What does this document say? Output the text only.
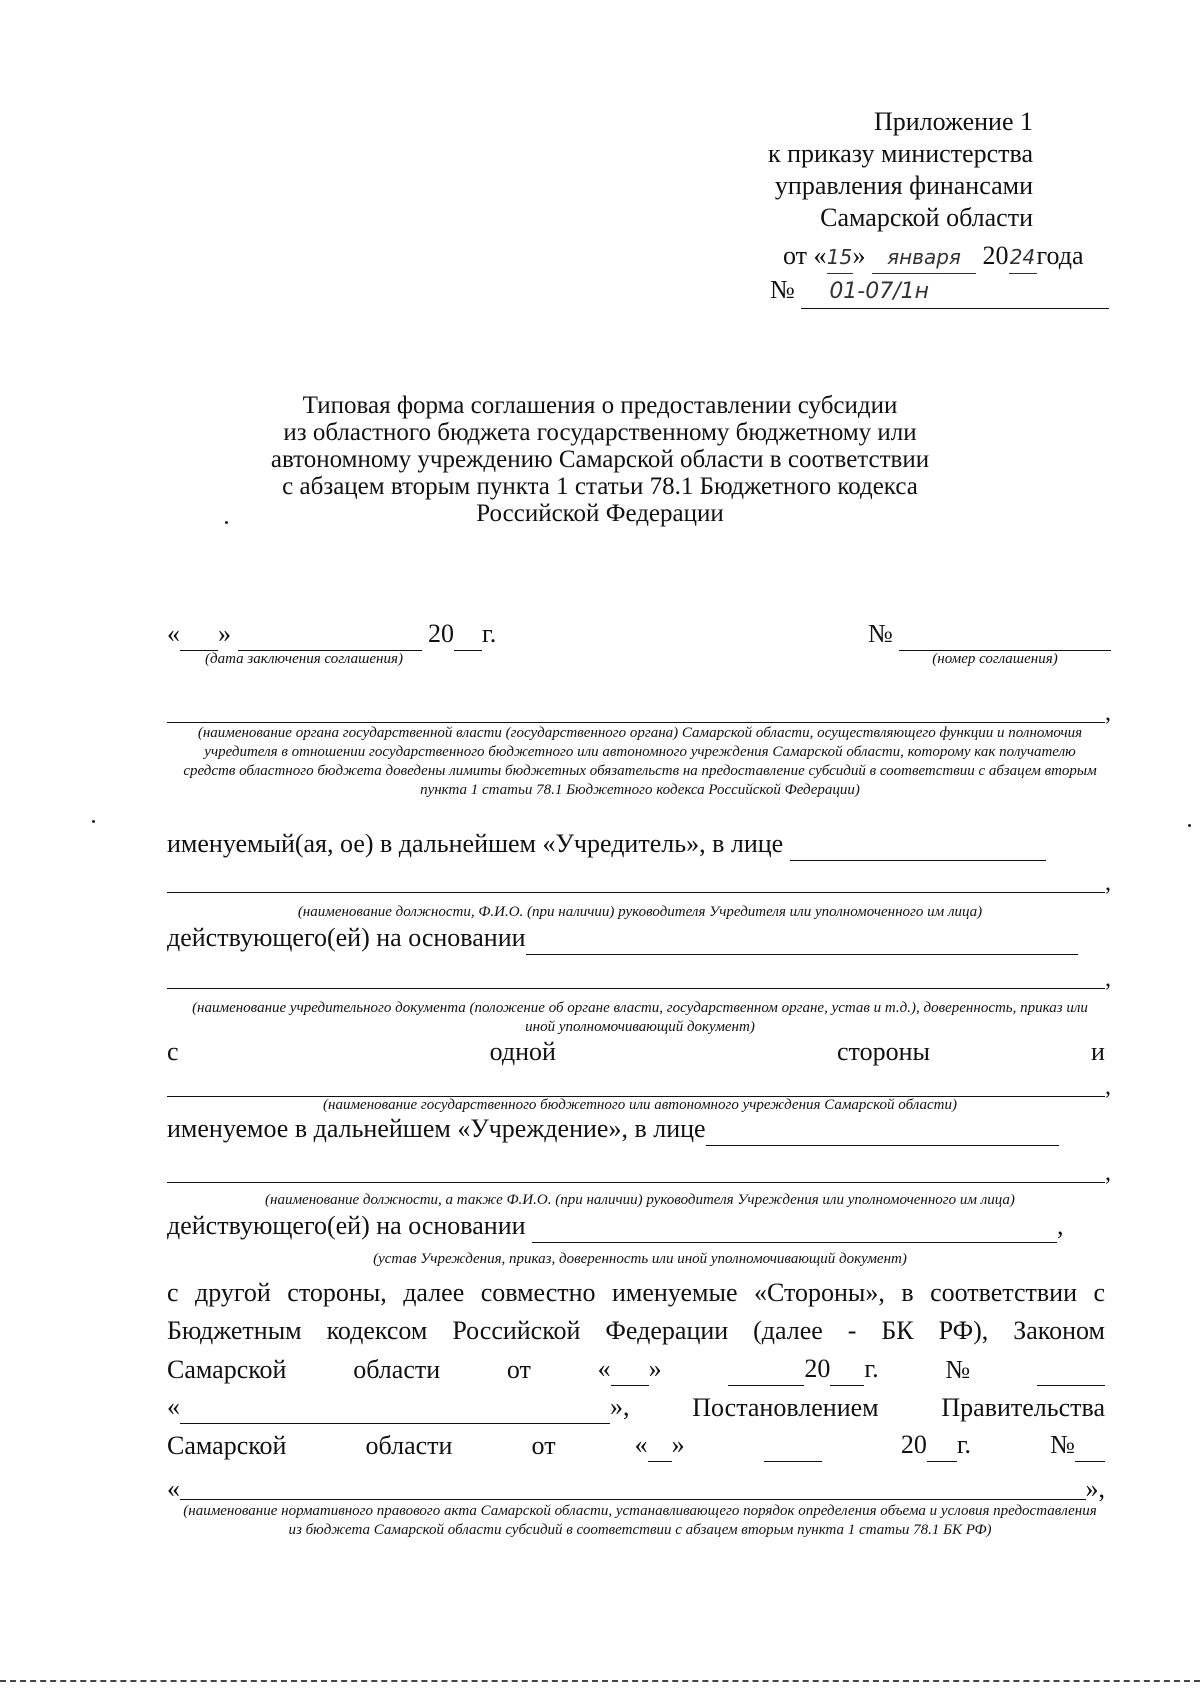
Приложение 1
к приказу министерства
управления финансами
Самарской области
от «15» января 2024года
№ 01-07/1н
Типовая форма соглашения о предоставлении субсидии
из областного бюджета государственному бюджетному или
автономному учреждению Самарской области в соответствии
с абзацем вторым пункта 1 статьи 78.1 Бюджетного кодекса
Российской Федерации
« »	20 г.
(дата заключения соглашения)
№
(номер соглашения)
,
(наименование органа государственной власти (государственного органа) Самарской области, осуществляющего функции и полномочия учредителя в отношении государственного бюджетного или автономного учреждения Самарской области, которому как получателю средств областного бюджета доведены лимиты бюджетных обязательств на предоставление субсидий в соответствии с абзацем вторым пункта 1 статьи 78.1 Бюджетного кодекса Российской Федерации)
именуемый(ая, ое) в дальнейшем «Учредитель», в лице
,
(наименование должности, Ф.И.О. (при наличии) руководителя Учредителя или уполномоченного им лица)
действующего(ей) на основании
,
(наименование учредительного документа (положение об органе власти, государственном органе, устав и т.д.), доверенность, приказ или иной уполномочивающий документ)
с	одной	стороны	и
,
(наименование государственного бюджетного или автономного учреждения Самарской области)
именуемое в дальнейшем «Учреждение», в лице
,
(наименование должности, а также Ф.И.О. (при наличии) руководителя Учреждения или уполномоченного им лица)
действующего(ей) на основании	,
(устав Учреждения, приказ, доверенность или иной уполномочивающий документ)
с другой стороны, далее совместно именуемые «Стороны», в соответствии с
Бюджетным кодексом Российской Федерации (далее - БК РФ), Законом
Самарской	области	от	« »	20 г.	№

«	», Постановлением Правительства
Самарской	области	от	« »
	20 г.	№
«
	»,
(наименование нормативного правового акта Самарской области, устанавливающего порядок определения объема и условия предоставления из бюджета Самарской области субсидий в соответствии с абзацем вторым пункта 1 статьи 78.1 БК РФ)
